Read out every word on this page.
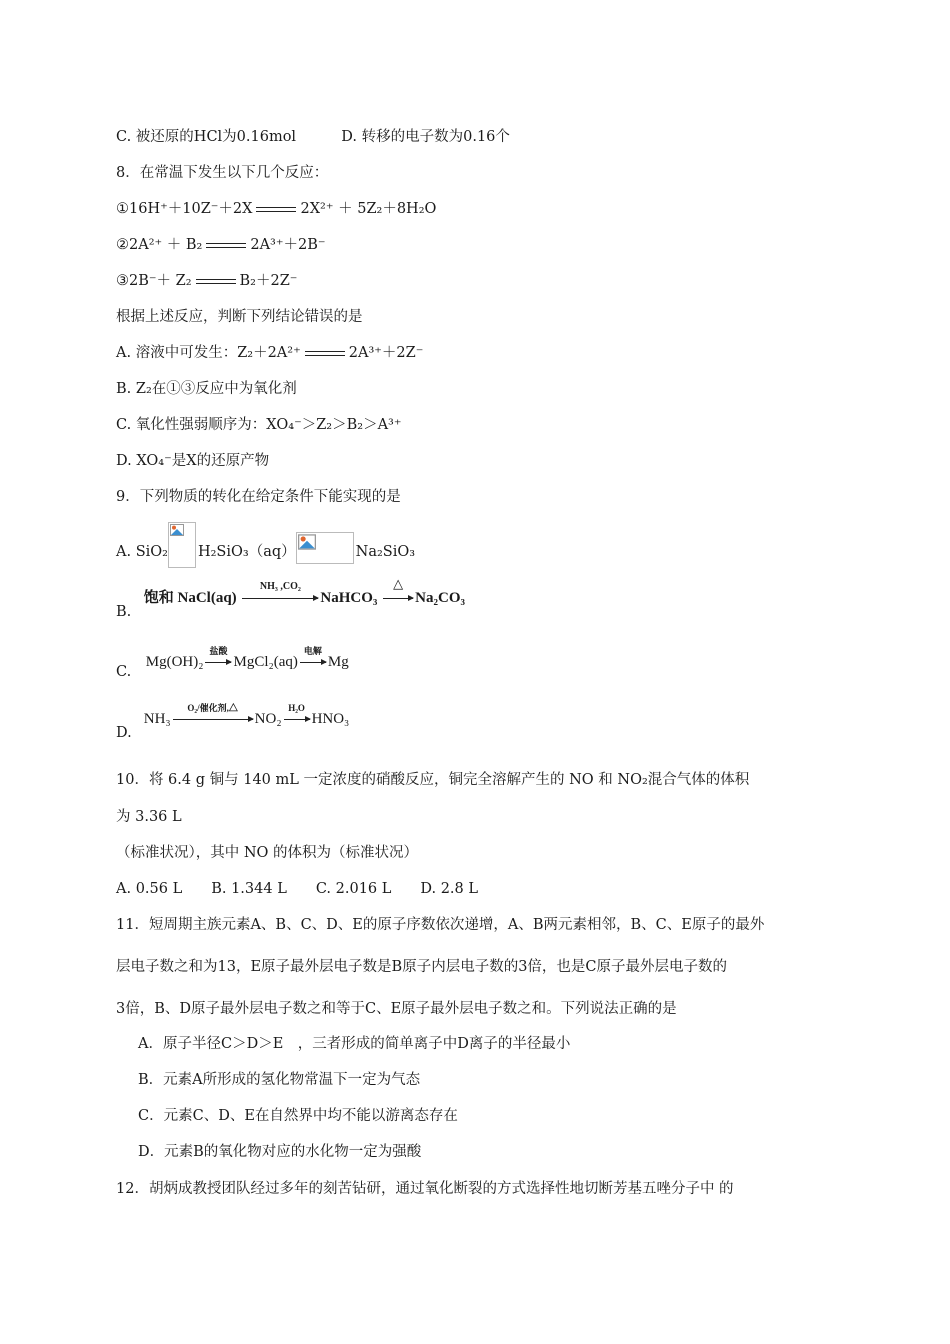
C. 被还原的HCl为0.16mol	D. 转移的电子数为0.16个
8．在常温下发生以下几个反应：
①16H⁺＋10Z⁻＋2X	2X²⁺ ＋ 5Z₂＋8H₂O
②2A²⁺ ＋ B₂	2A³⁺＋2B⁻
③2B⁻＋ Z₂	B₂＋2Z⁻
根据上述反应，判断下列结论错误的是
A. 溶液中可发生：Z₂＋2A²⁺	2A³⁺＋2Z⁻
B. Z₂在①③反应中为氧化剂
C. 氧化性强弱顺序为：XO₄⁻＞Z₂＞B₂＞A³⁺
D. XO₄⁻是X的还原产物
9．下列物质的转化在给定条件下能实现的是
A. SiO₂ H₂SiO₃（aq）	Na₂SiO₃
B. 饱和 NaCl(aq)
NH₃ ,CO₂
NaHCO₃
△
Na₂CO₃
C. Mg(OH)₂
盐酸
MgCl₂(aq)
电解
Mg
D. NH₃
O₂/催化剂,△
NO₂
H₂O
HNO₃
10．将 6.4 g 铜与 140 mL 一定浓度的硝酸反应，铜完全溶解产生的 NO 和 NO₂混合气体的体积
为 3.36 L
（标准状况），其中 NO 的体积为（标准状况）
A. 0.56 L　　B. 1.344 L　　C. 2.016 L　　D. 2.8 L
11．短周期主族元素A、B、C、D、E的原子序数依次递增，A、B两元素相邻，B、C、E原子的最外
层电子数之和为13，E原子最外层电子数是B原子内层电子数的3倍，也是C原子最外层电子数的
3倍，B、D原子最外层电子数之和等于C、E原子最外层电子数之和。下列说法正确的是
A．原子半径C＞D＞E　，三者形成的简单离子中D离子的半径最小
B．元素A所形成的氢化物常温下一定为气态
C．元素C、D、E在自然界中均不能以游离态存在
D．元素B的氧化物对应的水化物一定为强酸
12．胡炳成教授团队经过多年的刻苦钻研，通过氧化断裂的方式选择性地切断芳基五唑分子中 的
